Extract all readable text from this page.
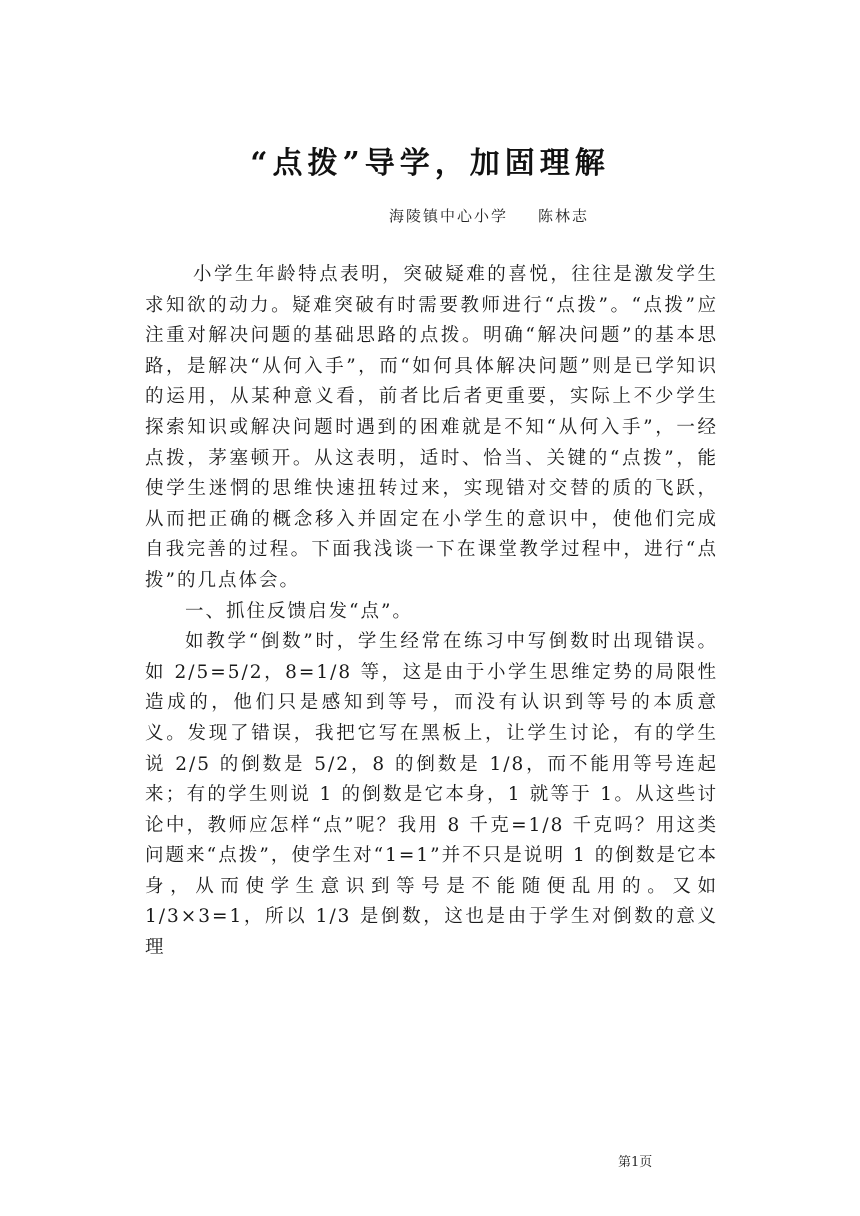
“点拨”导学，加固理解
海陵镇中心小学 陈林志

小学生年龄特点表明，突破疑难的喜悦，往往是激发学生求知欲的动力。疑难突破有时需要教师进行“点拨”。“点拨”应注重对解决问题的基础思路的点拨。明确“解决问题”的基本思路，是解决“从何入手”，而“如何具体解决问题”则是已学知识的运用，从某种意义看，前者比后者更重要，实际上不少学生探索知识或解决问题时遇到的困难就是不知“从何入手”，一经点拨，茅塞顿开。从这表明，适时、恰当、关键的“点拨”，能使学生迷惘的思维快速扭转过来，实现错对交替的质的飞跃，从而把正确的概念移入并固定在小学生的意识中，使他们完成自我完善的过程。下面我浅谈一下在课堂教学过程中，进行“点拨”的几点体会。

一、抓住反馈启发“点”。

如教学“倒数”时，学生经常在练习中写倒数时出现错误。如 2/5=5/2，8=1/8 等，这是由于小学生思维定势的局限性造成的，他们只是感知到等号，而没有认识到等号的本质意义。发现了错误，我把它写在黑板上，让学生讨论，有的学生说 2/5 的倒数是 5/2，8 的倒数是 1/8，而不能用等号连起来；有的学生则说 1 的倒数是它本身，1 就等于 1。从这些讨论中，教师应怎样“点”呢？我用 8 千克=1/8 千克吗？用这类问题来“点拨”，使学生对“1=1”并不只是说明 1 的倒数是它本身，从而使学生意识到等号是不能随便乱用的。又如 1/3×3=1，所以 1/3 是倒数，这也是由于学生对倒数的意义理

第1页
